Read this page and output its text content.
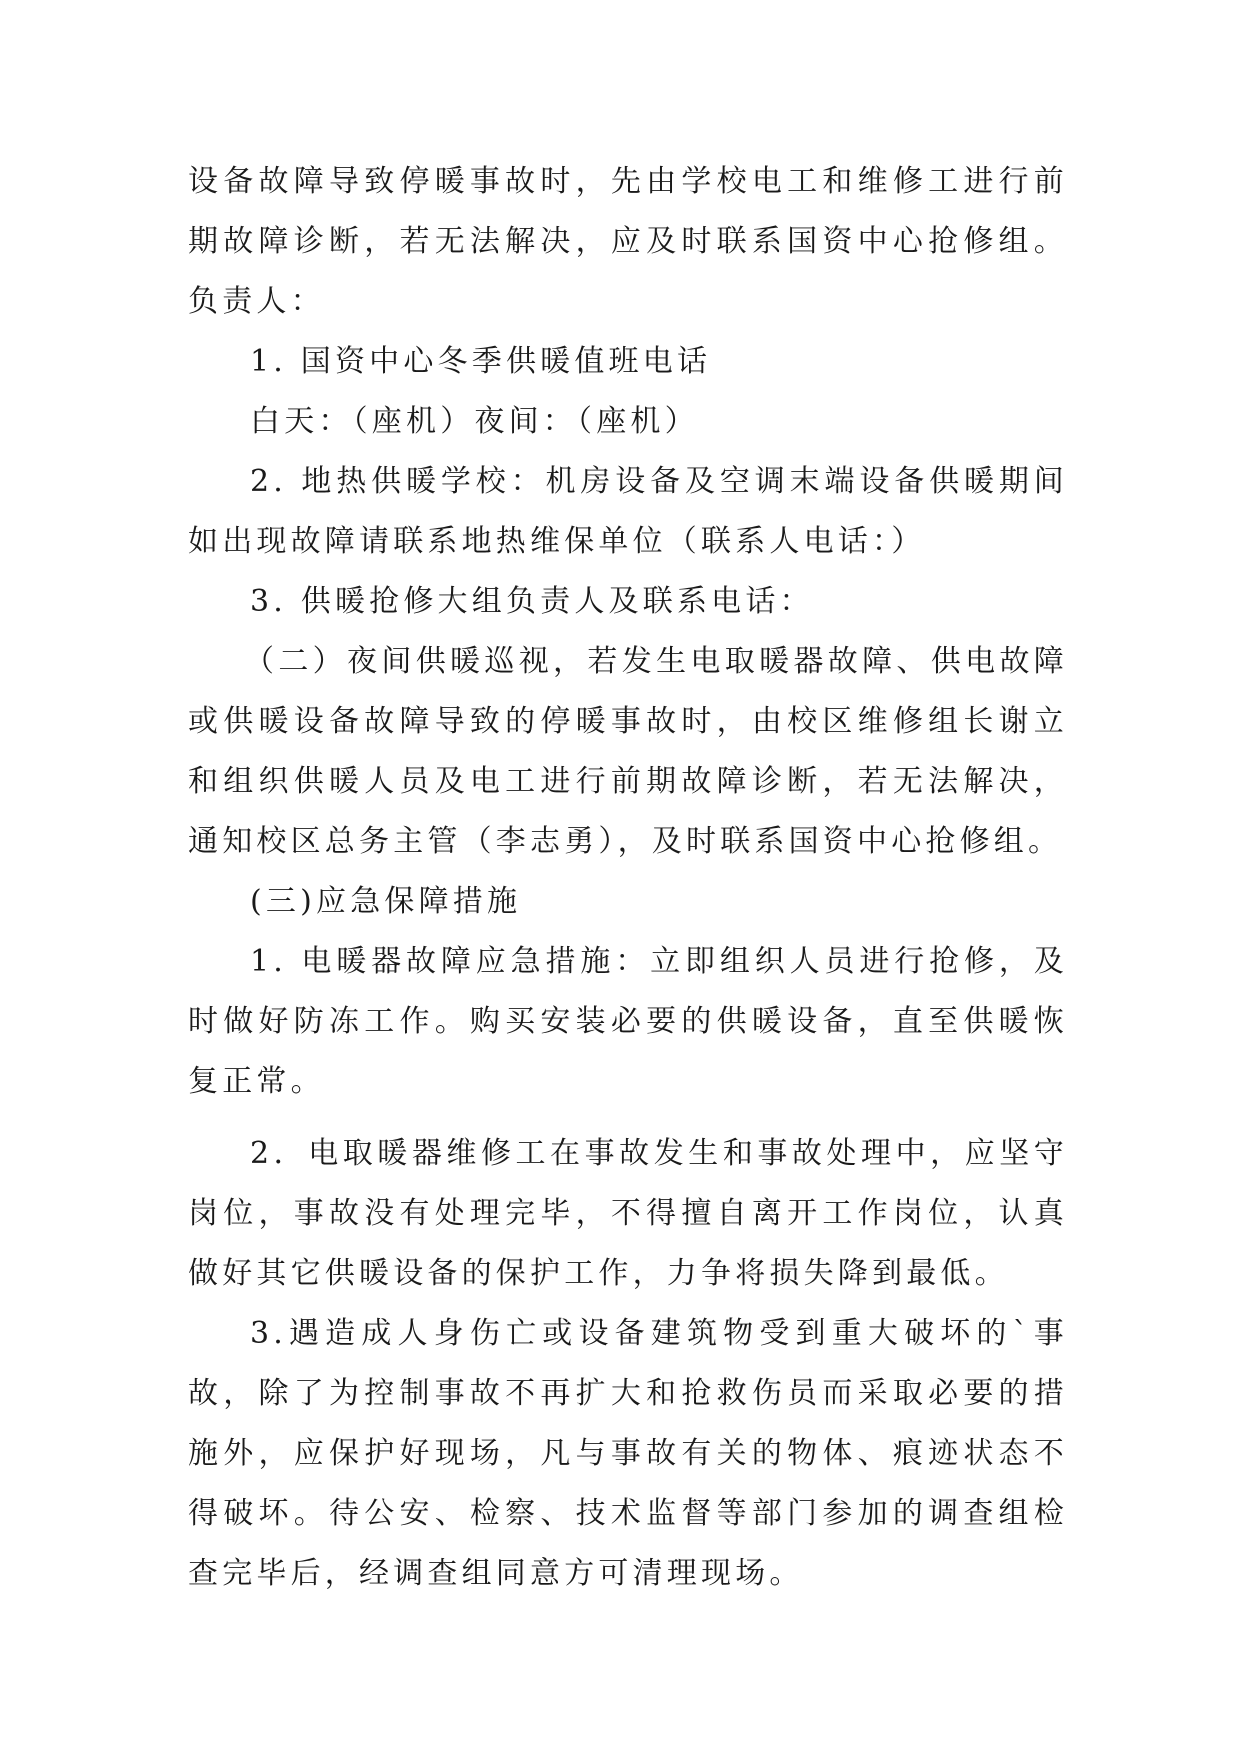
设备故障导致停暖事故时，先由学校电工和维修工进行前期故障诊断，若无法解决，应及时联系国资中心抢修组。负责人：

1. 国资中心冬季供暖值班电话

白天：（座机）夜间：（座机）

2. 地热供暖学校：机房设备及空调末端设备供暖期间如出现故障请联系地热维保单位（联系人电话：）

3. 供暖抢修大组负责人及联系电话：

（二）夜间供暖巡视，若发生电取暖器故障、供电故障或供暖设备故障导致的停暖事故时，由校区维修组长谢立和组织供暖人员及电工进行前期故障诊断，若无法解决，通知校区总务主管（李志勇），及时联系国资中心抢修组。

(三)应急保障措施

1. 电暖器故障应急措施：立即组织人员进行抢修，及时做好防冻工作。购买安装必要的供暖设备，直至供暖恢复正常。

2．电取暖器维修工在事故发生和事故处理中，应坚守岗位，事故没有处理完毕，不得擅自离开工作岗位，认真做好其它供暖设备的保护工作，力争将损失降到最低。

3.遇造成人身伤亡或设备建筑物受到重大破坏的`事故，除了为控制事故不再扩大和抢救伤员而采取必要的措施外，应保护好现场，凡与事故有关的物体、痕迹状态不得破坏。待公安、检察、技术监督等部门参加的调查组检查完毕后，经调查组同意方可清理现场。
